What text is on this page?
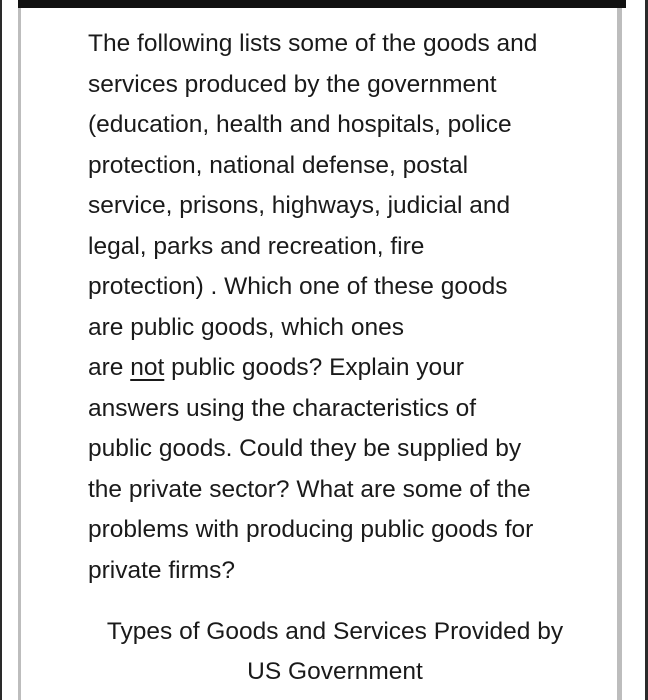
The following lists some of the goods and
services produced by the government
(education, health and hospitals, police
protection, national defense, postal
service, prisons, highways, judicial and
legal, parks and recreation, fire
protection) . Which one of these goods
are public goods, which ones
are not public goods? Explain your
answers using the characteristics of
public goods. Could they be supplied by
the private sector? What are some of the
problems with producing public goods for
private firms?
Types of Goods and Services Provided by
US Government
